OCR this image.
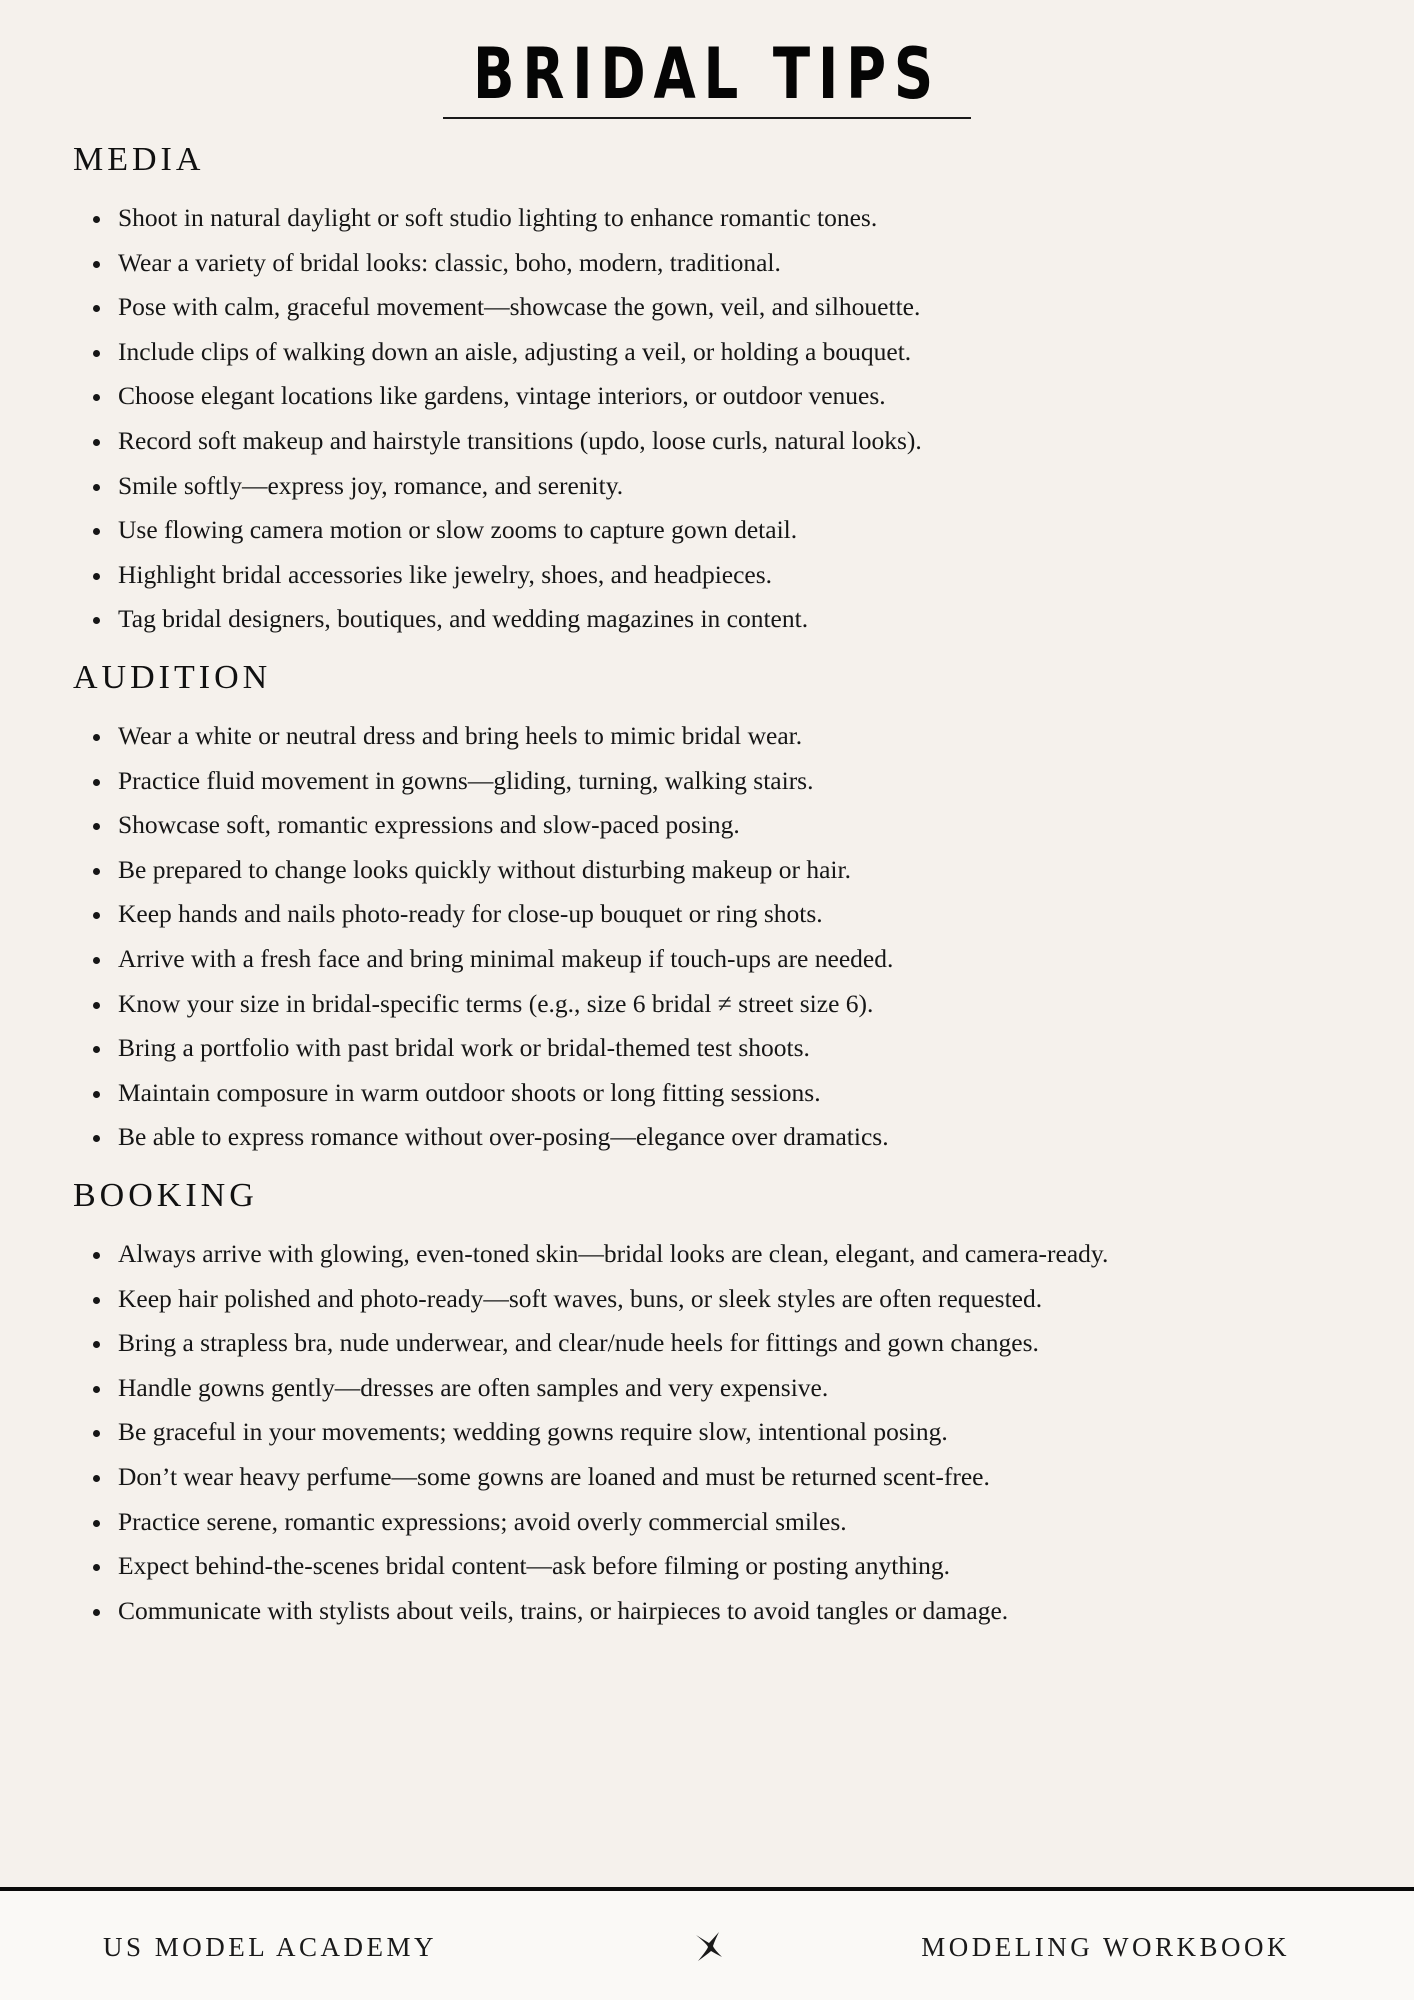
BRIDAL TIPS
MEDIA
Shoot in natural daylight or soft studio lighting to enhance romantic tones.
Wear a variety of bridal looks: classic, boho, modern, traditional.
Pose with calm, graceful movement—showcase the gown, veil, and silhouette.
Include clips of walking down an aisle, adjusting a veil, or holding a bouquet.
Choose elegant locations like gardens, vintage interiors, or outdoor venues.
Record soft makeup and hairstyle transitions (updo, loose curls, natural looks).
Smile softly—express joy, romance, and serenity.
Use flowing camera motion or slow zooms to capture gown detail.
Highlight bridal accessories like jewelry, shoes, and headpieces.
Tag bridal designers, boutiques, and wedding magazines in content.
AUDITION
Wear a white or neutral dress and bring heels to mimic bridal wear.
Practice fluid movement in gowns—gliding, turning, walking stairs.
Showcase soft, romantic expressions and slow-paced posing.
Be prepared to change looks quickly without disturbing makeup or hair.
Keep hands and nails photo-ready for close-up bouquet or ring shots.
Arrive with a fresh face and bring minimal makeup if touch-ups are needed.
Know your size in bridal-specific terms (e.g., size 6 bridal ≠ street size 6).
Bring a portfolio with past bridal work or bridal-themed test shoots.
Maintain composure in warm outdoor shoots or long fitting sessions.
Be able to express romance without over-posing—elegance over dramatics.
BOOKING
Always arrive with glowing, even-toned skin—bridal looks are clean, elegant, and camera-ready.
Keep hair polished and photo-ready—soft waves, buns, or sleek styles are often requested.
Bring a strapless bra, nude underwear, and clear/nude heels for fittings and gown changes.
Handle gowns gently—dresses are often samples and very expensive.
Be graceful in your movements; wedding gowns require slow, intentional posing.
Don’t wear heavy perfume—some gowns are loaned and must be returned scent-free.
Practice serene, romantic expressions; avoid overly commercial smiles.
Expect behind-the-scenes bridal content—ask before filming or posting anything.
Communicate with stylists about veils, trains, or hairpieces to avoid tangles or damage.
US MODEL ACADEMY	MODELING WORKBOOK
